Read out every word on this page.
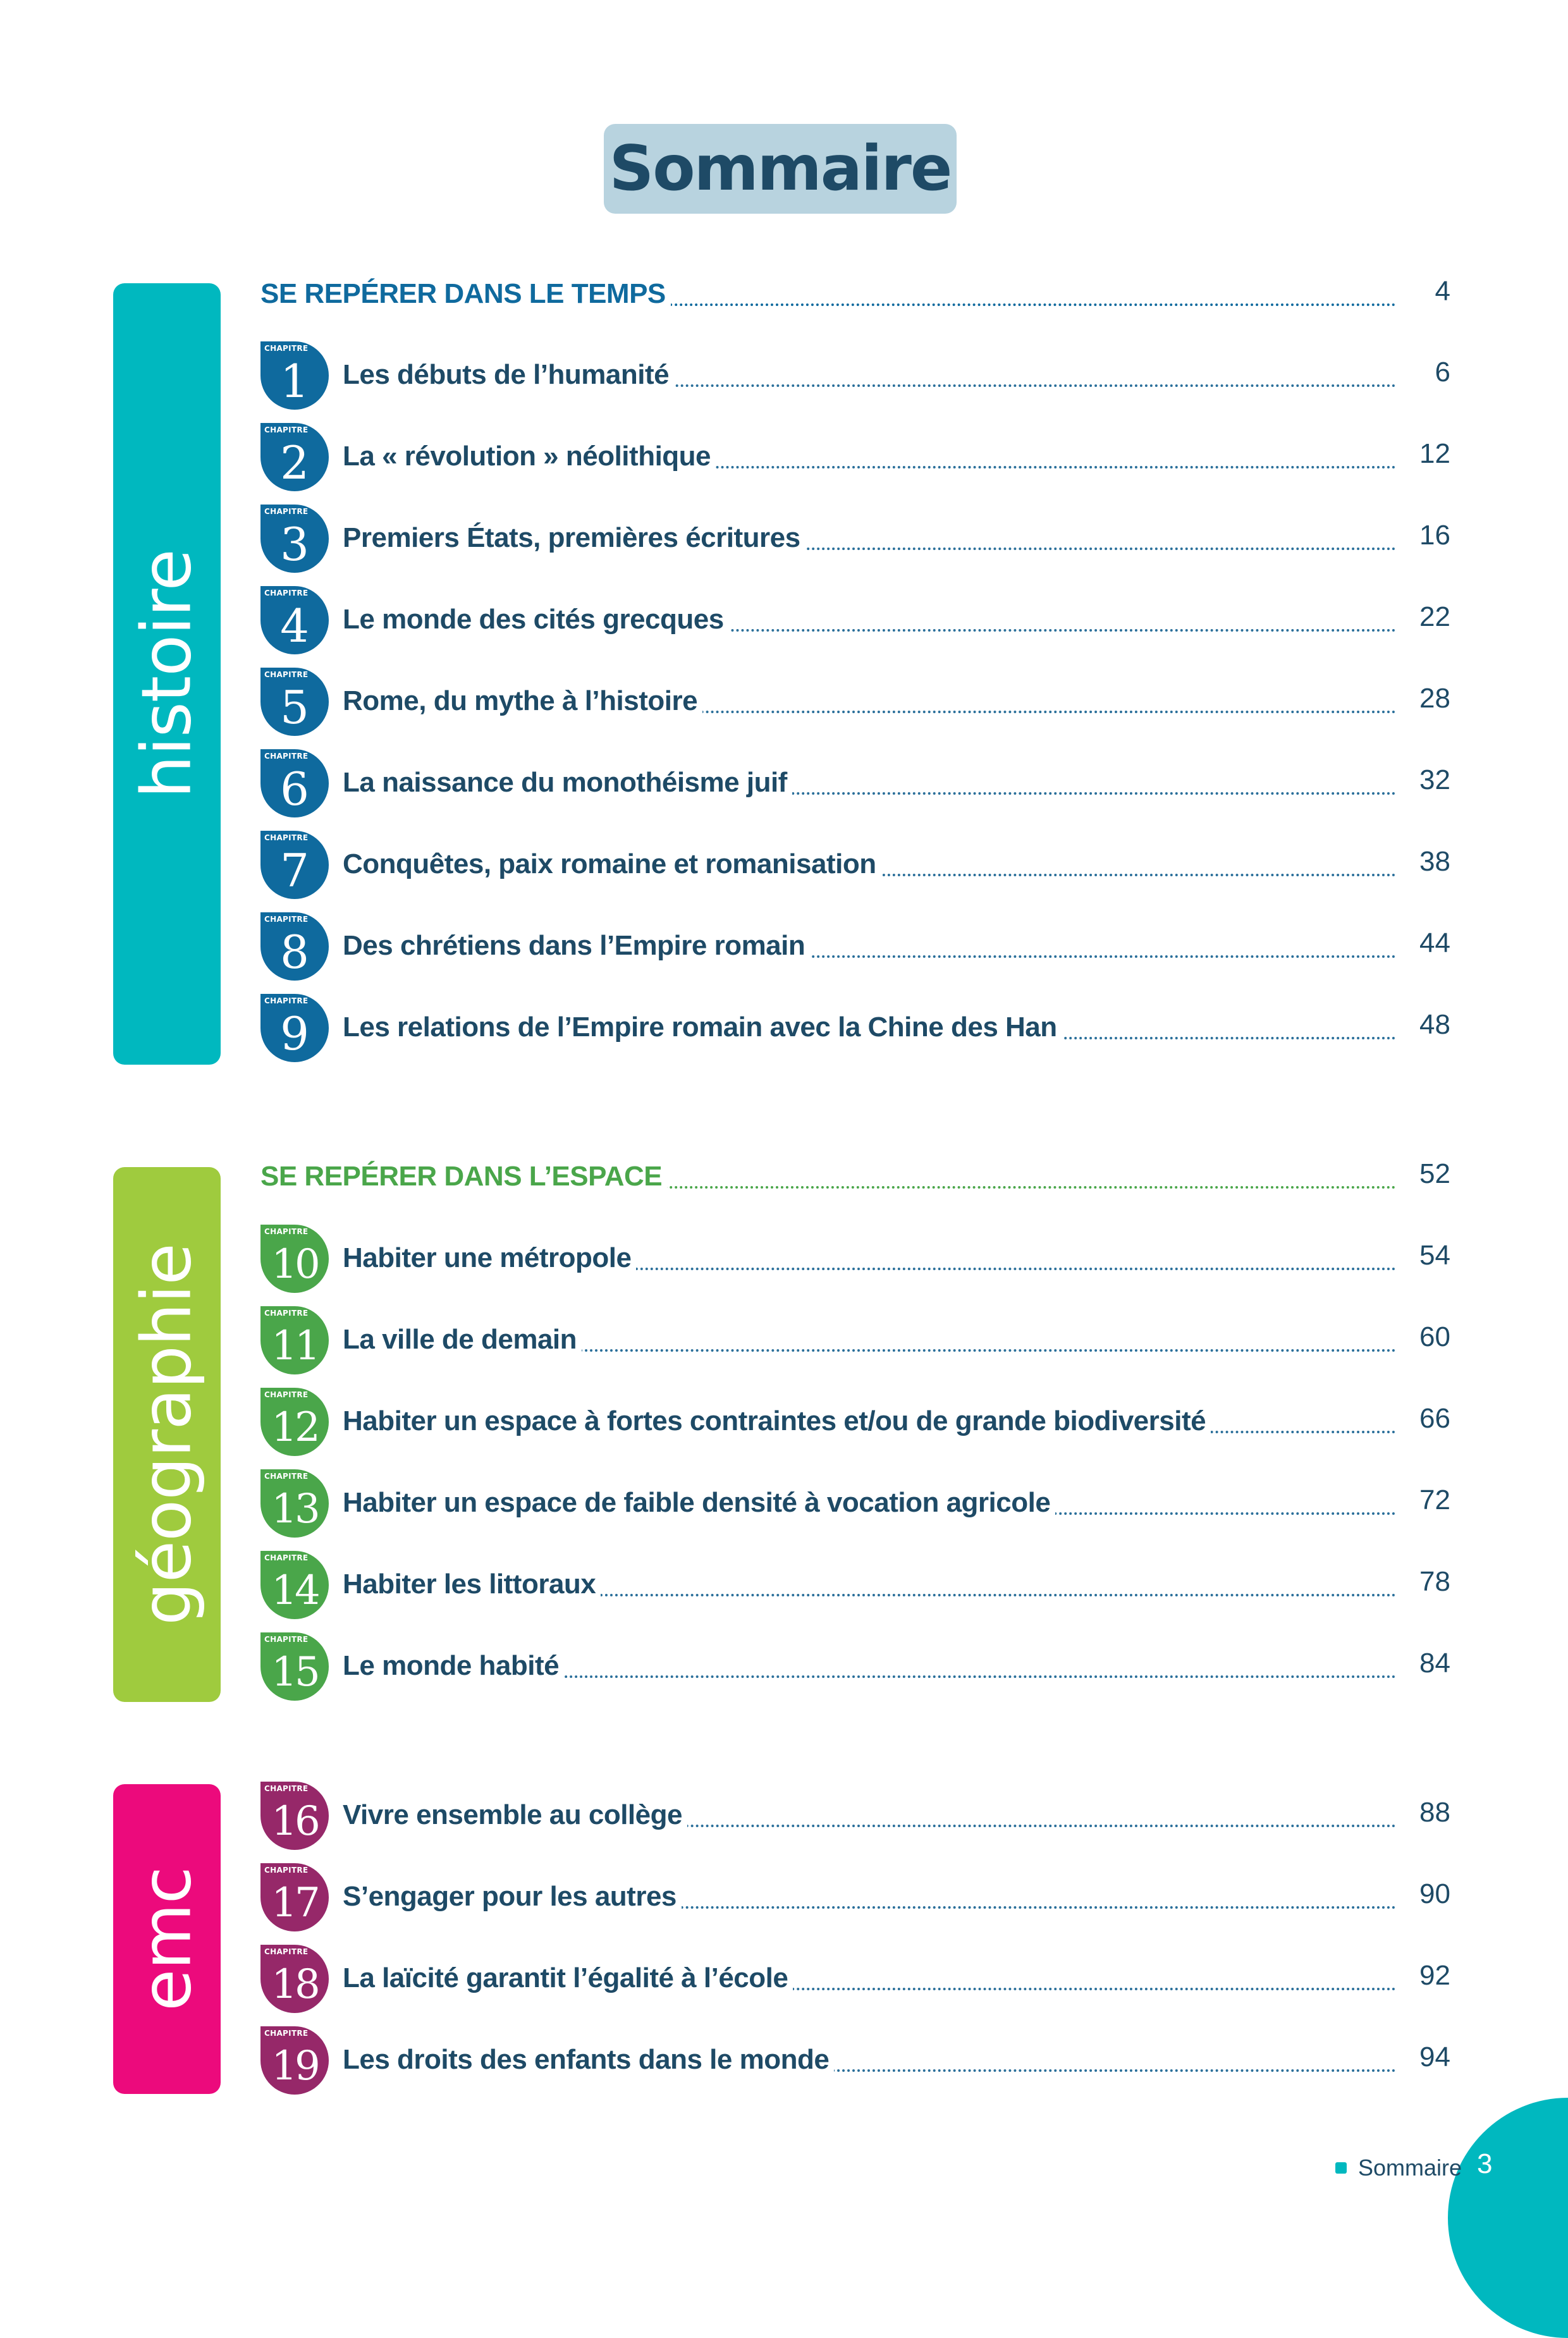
Sommaire
histoire
géographie
emc
SE REPÉRER DANS LE TEMPS	4
CHAPITRE
1	Les débuts de l’humanité	6
CHAPITRE
2	La « révolution » néolithique	12
CHAPITRE
3	Premiers États, premières écritures	16
CHAPITRE
4	Le monde des cités grecques	22
CHAPITRE
5	Rome, du mythe à l’histoire	28
CHAPITRE
6	La naissance du monothéisme juif	32
CHAPITRE
7	Conquêtes, paix romaine et romanisation	38
CHAPITRE
8	Des chrétiens dans l’Empire romain	44
CHAPITRE
9	Les relations de l’Empire romain avec la Chine des Han	48
SE REPÉRER DANS L’ESPACE	52
CHAPITRE
10 Habiter une métropole	54
CHAPITRE
11 La ville de demain	60
CHAPITRE
12 Habiter un espace à fortes contraintes et/ou de grande biodiversité	66
CHAPITRE
13 Habiter un espace de faible densité à vocation agricole	72
CHAPITRE
14 Habiter les littoraux	78
CHAPITRE
15 Le monde habité	84
CHAPITRE
16 Vivre ensemble au collège	88
CHAPITRE
17 S’engager pour les autres	90
CHAPITRE
18 La laïcité garantit l’égalité à l’école	92
CHAPITRE
19 Les droits des enfants dans le monde	94
Sommaire 3
